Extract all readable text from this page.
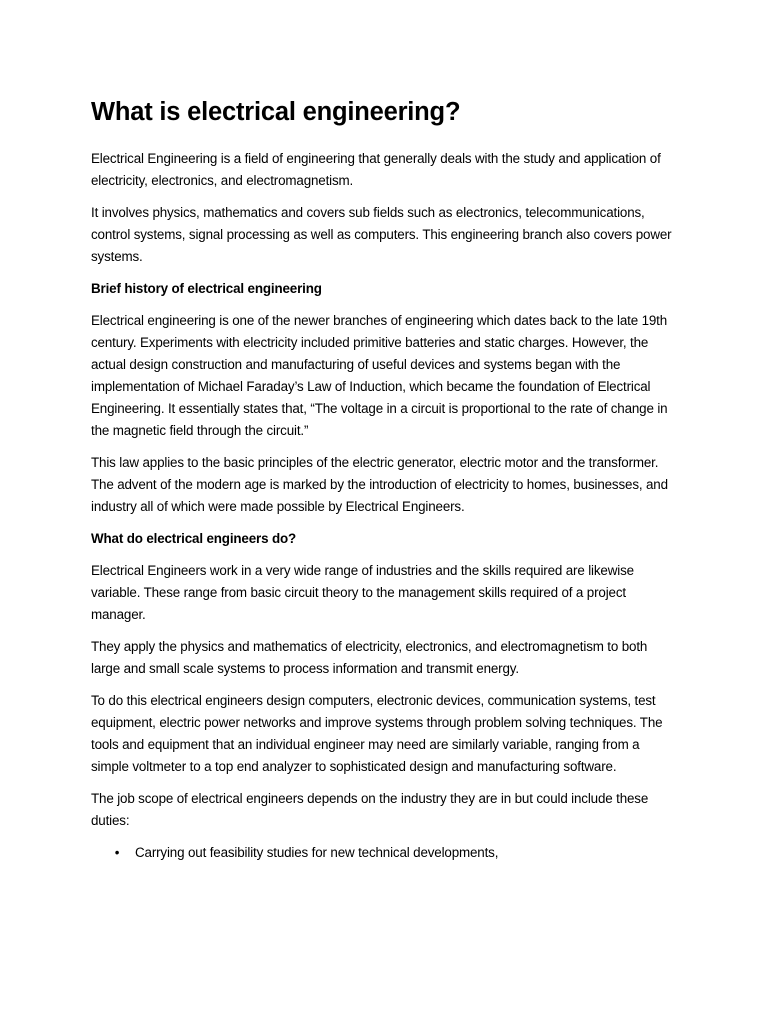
What is electrical engineering?

Electrical Engineering is a field of engineering that generally deals with the study and application of electricity, electronics, and electromagnetism.

It involves physics, mathematics and covers sub fields such as electronics, telecommunications, control systems, signal processing as well as computers. This engineering branch also covers power systems.

Brief history of electrical engineering

Electrical engineering is one of the newer branches of engineering which dates back to the late 19th century. Experiments with electricity included primitive batteries and static charges. However, the actual design construction and manufacturing of useful devices and systems began with the implementation of Michael Faraday’s Law of Induction, which became the foundation of Electrical Engineering. It essentially states that, “The voltage in a circuit is proportional to the rate of change in the magnetic field through the circuit.”

This law applies to the basic principles of the electric generator, electric motor and the transformer. The advent of the modern age is marked by the introduction of electricity to homes, businesses, and industry all of which were made possible by Electrical Engineers.

What do electrical engineers do?

Electrical Engineers work in a very wide range of industries and the skills required are likewise variable. These range from basic circuit theory to the management skills required of a project manager.

They apply the physics and mathematics of electricity, electronics, and electromagnetism to both large and small scale systems to process information and transmit energy.

To do this electrical engineers design computers, electronic devices, communication systems, test equipment, electric power networks and improve systems through problem solving techniques. The tools and equipment that an individual engineer may need are similarly variable, ranging from a simple voltmeter to a top end analyzer to sophisticated design and manufacturing software.

The job scope of electrical engineers depends on the industry they are in but could include these duties:

• Carrying out feasibility studies for new technical developments,
